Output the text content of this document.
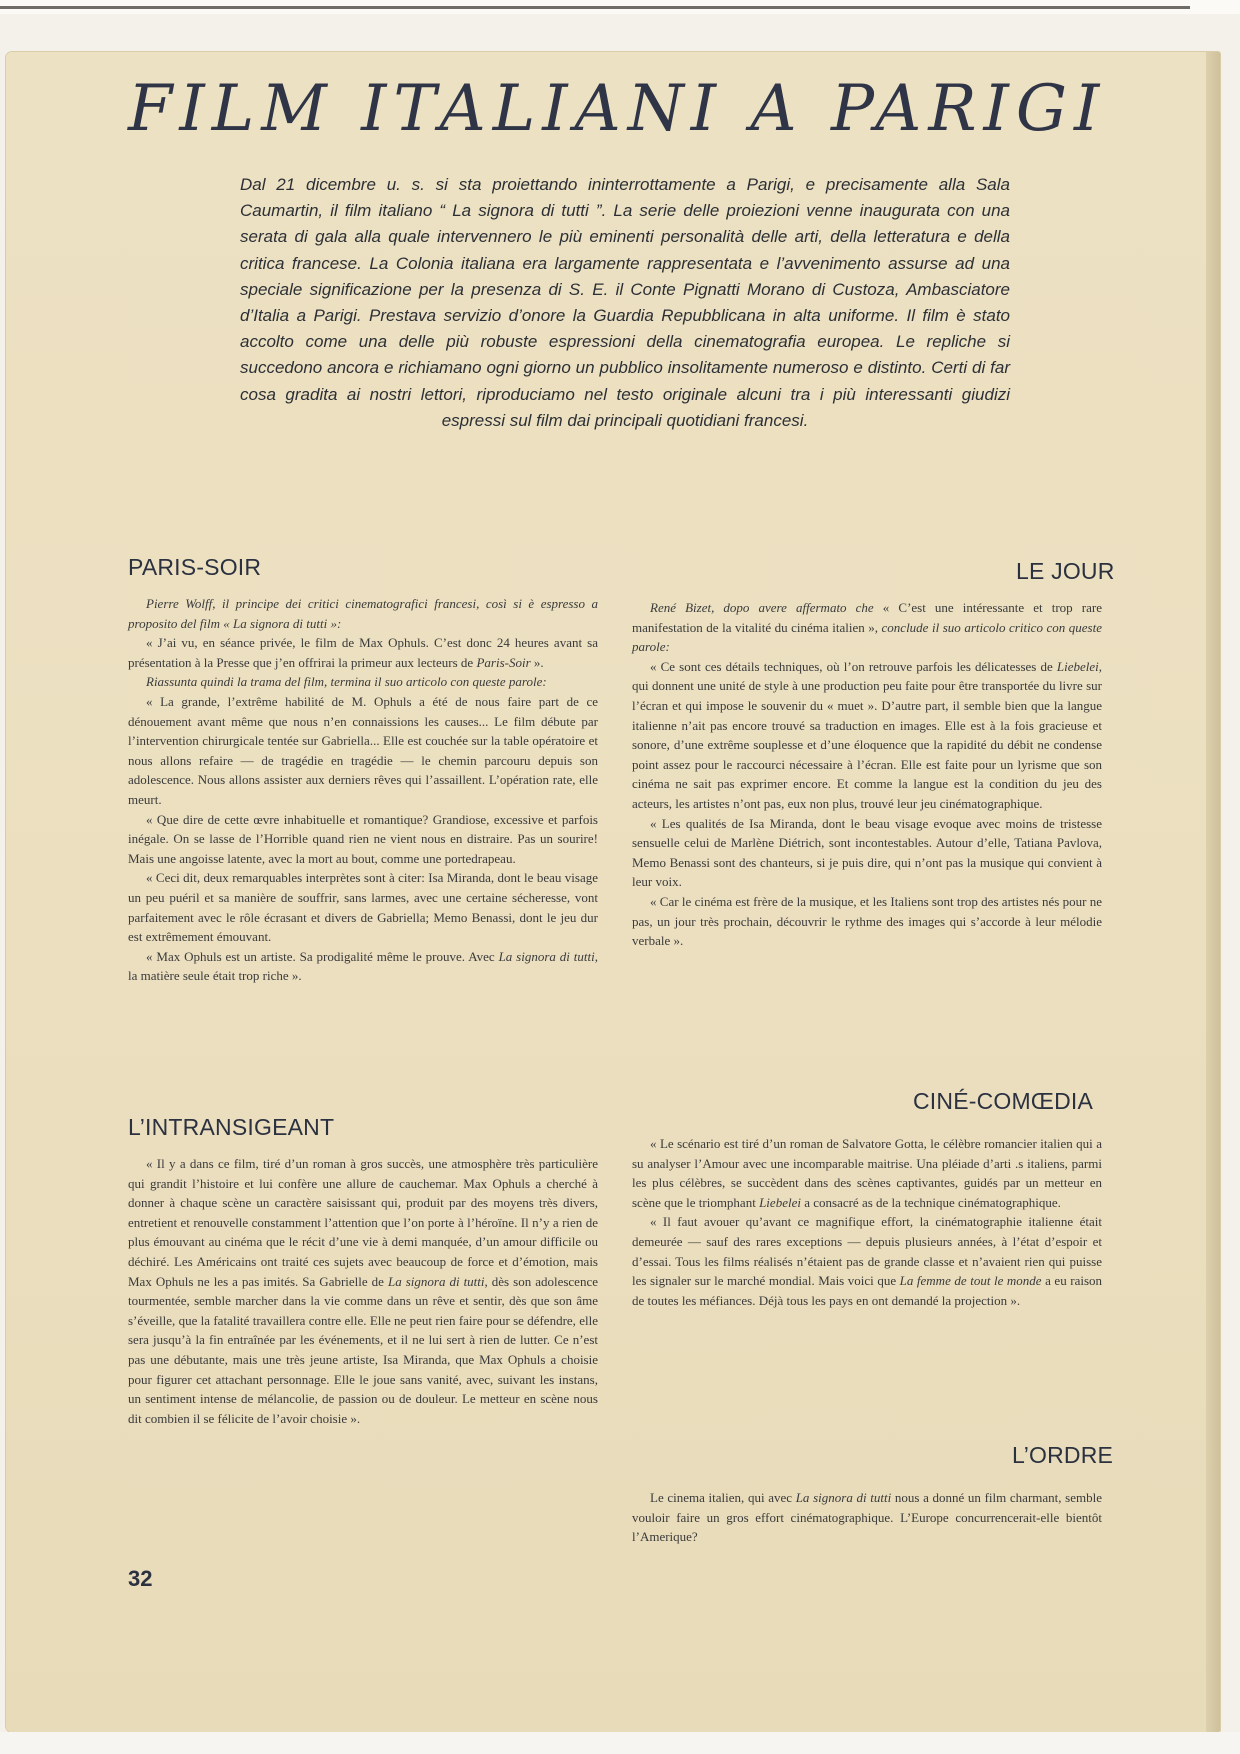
FILM ITALIANI A PARIGI

Dal 21 dicembre u. s. si sta proiettando ininterrottamente a Parigi, e precisamente alla Sala Caumartin, il film italiano “ La signora di tutti ”. La serie delle proiezioni venne inaugurata con una serata di gala alla quale intervennero le più eminenti personalità delle arti, della letteratura e della critica francese. La Colonia italiana era largamente rappresentata e l’avvenimento assurse ad una speciale significazione per la presenza di S. E. il Conte Pignatti Morano di Custoza, Ambasciatore d’Italia a Parigi. Prestava servizio d’onore la Guardia Repubblicana in alta uniforme. Il film è stato accolto come una delle più robuste espressioni della cinematografia europea. Le repliche si succedono ancora e richiamano ogni giorno un pubblico insolitamente numeroso e distinto. Certi di far cosa gradita ai nostri lettori, riproduciamo nel testo originale alcuni tra i più interessanti giudizi espressi sul film dai principali quotidiani francesi.

PARIS-SOIR

Pierre Wolff, il principe dei critici cinematografici francesi, così si è espresso a proposito del film « La signora di tutti »:

« J’ai vu, en séance privée, le film de Max Ophuls. C’est donc 24 heures avant sa présentation à la Presse que j’en offrirai la primeur aux lecteurs de Paris-Soir ».

Riassunta quindi la trama del film, termina il suo articolo con queste parole:

« La grande, l’extrême habilité de M. Ophuls a été de nous faire part de ce dénouement avant même que nous n’en connaissions les causes... Le film débute par l’intervention chirurgicale tentée sur Gabriella... Elle est couchée sur la table opératoire et nous allons refaire — de tragédie en tragédie — le chemin parcouru depuis son adolescence. Nous allons assister aux derniers rêves qui l’assaillent. L’opération rate, elle meurt.

« Que dire de cette œvre inhabituelle et romantique? Grandiose, excessive et parfois inégale. On se lasse de l’Horrible quand rien ne vient nous en distraire. Pas un sourire! Mais une angoisse latente, avec la mort au bout, comme une portedrapeau.

« Ceci dit, deux remarquables interprètes sont à citer: Isa Miranda, dont le beau visage un peu puéril et sa manière de souffrir, sans larmes, avec une certaine sécheresse, vont parfaitement avec le rôle écrasant et divers de Gabriella; Memo Benassi, dont le jeu dur est extrêmement émouvant.

« Max Ophuls est un artiste. Sa prodigalité même le prouve. Avec La signora di tutti, la matière seule était trop riche ».

L’INTRANSIGEANT

« Il y a dans ce film, tiré d’un roman à gros succès, une atmosphère très particulière qui grandit l’histoire et lui confère une allure de cauchemar. Max Ophuls a cherché à donner à chaque scène un caractère saisissant qui, produit par des moyens très divers, entretient et renouvelle constamment l’attention que l’on porte à l’héroïne. Il n’y a rien de plus émouvant au cinéma que le récit d’une vie à demi manquée, d’un amour difficile ou déchiré. Les Américains ont traité ces sujets avec beaucoup de force et d’émotion, mais Max Ophuls ne les a pas imités. Sa Gabrielle de La signora di tutti, dès son adolescence tourmentée, semble marcher dans la vie comme dans un rêve et sentir, dès que son âme s’éveille, que la fatalité travaillera contre elle. Elle ne peut rien faire pour se défendre, elle sera jusqu’à la fin entraînée par les événements, et il ne lui sert à rien de lutter. Ce n’est pas une débutante, mais une très jeune artiste, Isa Miranda, que Max Ophuls a choisie pour figurer cet attachant personnage. Elle le joue sans vanité, avec, suivant les instans, un sentiment intense de mélancolie, de passion ou de douleur. Le metteur en scène nous dit combien il se félicite de l’avoir choisie ».

32
LE JOUR

René Bizet, dopo avere affermato che « C’est une intéressante et trop rare manifestation de la vitalité du cinéma italien », conclude il suo articolo critico con queste parole:

« Ce sont ces détails techniques, où l’on retrouve parfois les délicatesses de Liebelei, qui donnent une unité de style à une production peu faite pour être transportée du livre sur l’écran et qui impose le souvenir du « muet ». D’autre part, il semble bien que la langue italienne n’ait pas encore trouvé sa traduction en images. Elle est à la fois gracieuse et sonore, d’une extrême souplesse et d’une éloquence que la rapidité du débit ne condense point assez pour le raccourci nécessaire à l’écran. Elle est faite pour un lyrisme que son cinéma ne sait pas exprimer encore. Et comme la langue est la condition du jeu des acteurs, les artistes n’ont pas, eux non plus, trouvé leur jeu cinématographique.

« Les qualités de Isa Miranda, dont le beau visage evoque avec moins de tristesse sensuelle celui de Marlène Diétrich, sont incontestables. Autour d’elle, Tatiana Pavlova, Memo Benassi sont des chanteurs, si je puis dire, qui n’ont pas la musique qui convient à leur voix.

« Car le cinéma est frère de la musique, et les Italiens sont trop des artistes nés pour ne pas, un jour très prochain, découvrir le rythme des images qui s’accorde à leur mélodie verbale ».

CINÉ-COMŒDIA

« Le scénario est tiré d’un roman de Salvatore Gotta, le célèbre romancier italien qui a su analyser l’Amour avec une incomparable maitrise. Una pléiade d’arti .s italiens, parmi les plus célèbres, se succèdent dans des scènes captivantes, guidés par un metteur en scène que le triomphant Liebelei a consacré as de la technique cinématographique.

« Il faut avouer qu’avant ce magnifique effort, la cinématographie italienne était demeurée — sauf des rares exceptions — depuis plusieurs années, à l’état d’espoir et d’essai. Tous les films réalisés n’étaient pas de grande classe et n’avaient rien qui puisse les signaler sur le marché mondial. Mais voici que La femme de tout le monde a eu raison de toutes les méfiances. Déjà tous les pays en ont demandé la projection ».

L’ORDRE

Le cinema italien, qui avec La signora di tutti nous a donné un film charmant, semble vouloir faire un gros effort cinématographique. L’Europe concurrencerait-elle bientôt l’Amerique?
